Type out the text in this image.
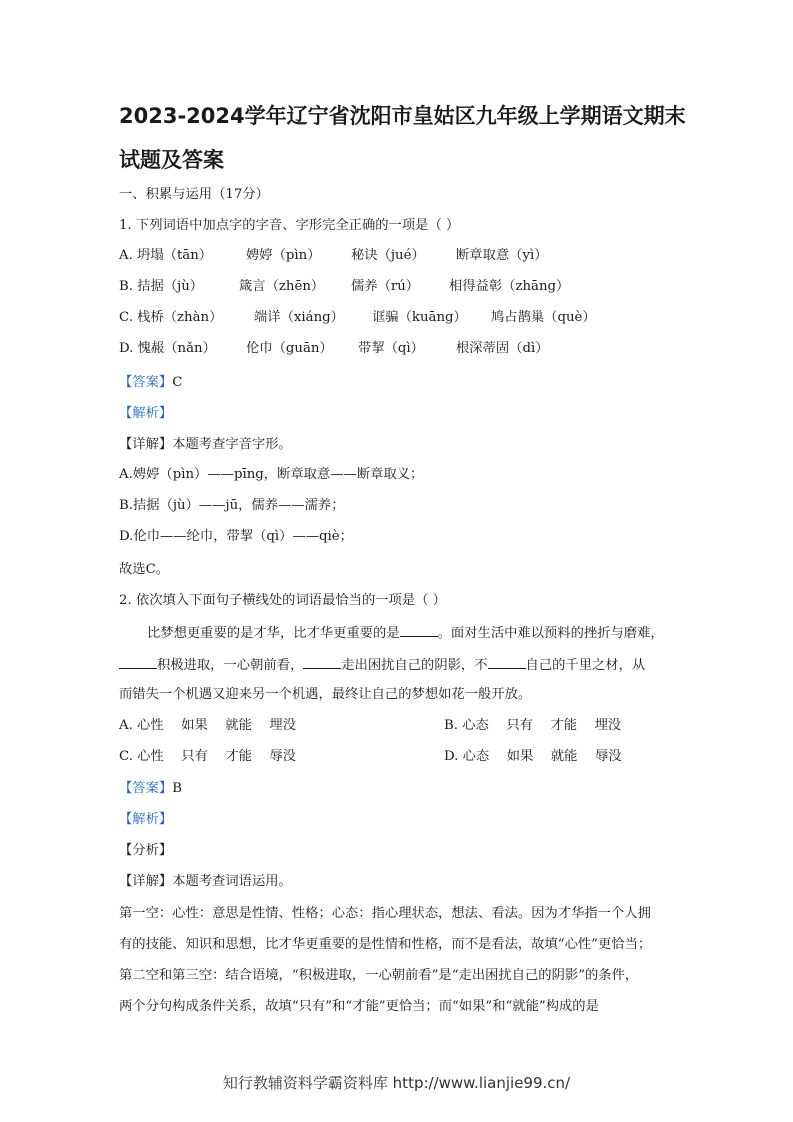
2023-2024学年辽宁省沈阳市皇姑区九年级上学期语文期末
试题及答案
一、积累与运用（17分）
1. 下列词语中加点字的字音、字形完全正确的一项是（ ）
A. 坍塌（tān）	娉婷（pìn） 秘诀（jué） 断章取意（yì）
B. 拮据（jù）	箴言（zhēn） 儒养（rú） 相得益彰（zhāng）
C. 栈桥（zhàn） 端详（xiáng） 诓骗（kuāng） 鸠占鹊巢（què）
D. 愧赧（nǎn） 伦巾（guān） 带挈（qì） 根深蒂固（dì）
【答案】C
【解析】
【详解】本题考查字音字形。
A.娉婷（pìn）——pīng，断章取意——断章取义；
B.拮据（jù）——jū，儒养——濡养；
D.伦巾——纶巾，带挈（qì）——qiè；
故选C。
2. 依次填入下面句子横线处的词语最恰当的一项是（ ）
比梦想更重要的是才华，比才华更重要的是	。面对生活中难以预料的挫折与磨难，
积极进取，一心朝前看，	走出困扰自己的阴影，不	自己的千里之材，从
而错失一个机遇又迎来另一个机遇，最终让自己的梦想如花一般开放。
A. 心性　 如果　 就能　 埋没	B. 心态　 只有　 才能　 埋没
C. 心性　 只有　 才能　 辱没	D. 心态　 如果　 就能　 辱没
【答案】B
【解析】
【分析】
【详解】本题考查词语运用。
第一空：心性：意思是性情、性格；心态：指心理状态，想法、看法。因为才华指一个人拥
有的技能、知识和思想，比才华更重要的是性情和性格，而不是看法，故填“心性”更恰当；
第二空和第三空：结合语境，“积极进取，一心朝前看”是“走出困扰自己的阴影”的条件，
两个分句构成条件关系，故填“只有”和“才能”更恰当；而“如果”和“就能”构成的是
知行教辅资料学霸资料库 http://www.lianjie99.cn/
